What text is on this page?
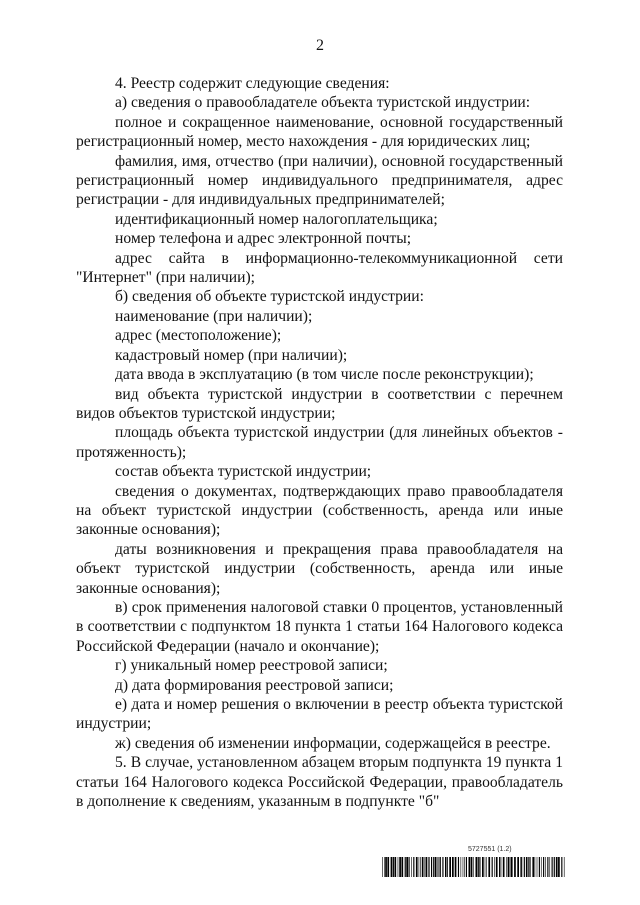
2

4. Реестр содержит следующие сведения:

а) сведения о правообладателе объекта туристской индустрии:

полное и сокращенное наименование, основной государственный регистрационный номер, место нахождения - для юридических лиц;

фамилия, имя, отчество (при наличии), основной государственный регистрационный номер индивидуального предпринимателя, адрес регистрации - для индивидуальных предпринимателей;

идентификационный номер налогоплательщика;

номер телефона и адрес электронной почты;

адрес сайта в информационно-телекоммуникационной сети "Интернет" (при наличии);

б) сведения об объекте туристской индустрии:

наименование (при наличии);

адрес (местоположение);

кадастровый номер (при наличии);

дата ввода в эксплуатацию (в том числе после реконструкции);

вид объекта туристской индустрии в соответствии с перечнем видов объектов туристской индустрии;

площадь объекта туристской индустрии (для линейных объектов - протяженность);

состав объекта туристской индустрии;

сведения о документах, подтверждающих право правообладателя на объект туристской индустрии (собственность, аренда или иные законные основания);

даты возникновения и прекращения права правообладателя на объект туристской индустрии (собственность, аренда или иные законные основания);

в) срок применения налоговой ставки 0 процентов, установленный в соответствии с подпунктом 18 пункта 1 статьи 164 Налогового кодекса Российской Федерации (начало и окончание);

г) уникальный номер реестровой записи;

д) дата формирования реестровой записи;

е) дата и номер решения о включении в реестр объекта туристской индустрии;

ж) сведения об изменении информации, содержащейся в реестре.

5. В случае, установленном абзацем вторым подпункта 19 пункта 1 статьи 164 Налогового кодекса Российской Федерации, правообладатель в дополнение к сведениям, указанным в подпункте "б"

5727551 (1.2)
